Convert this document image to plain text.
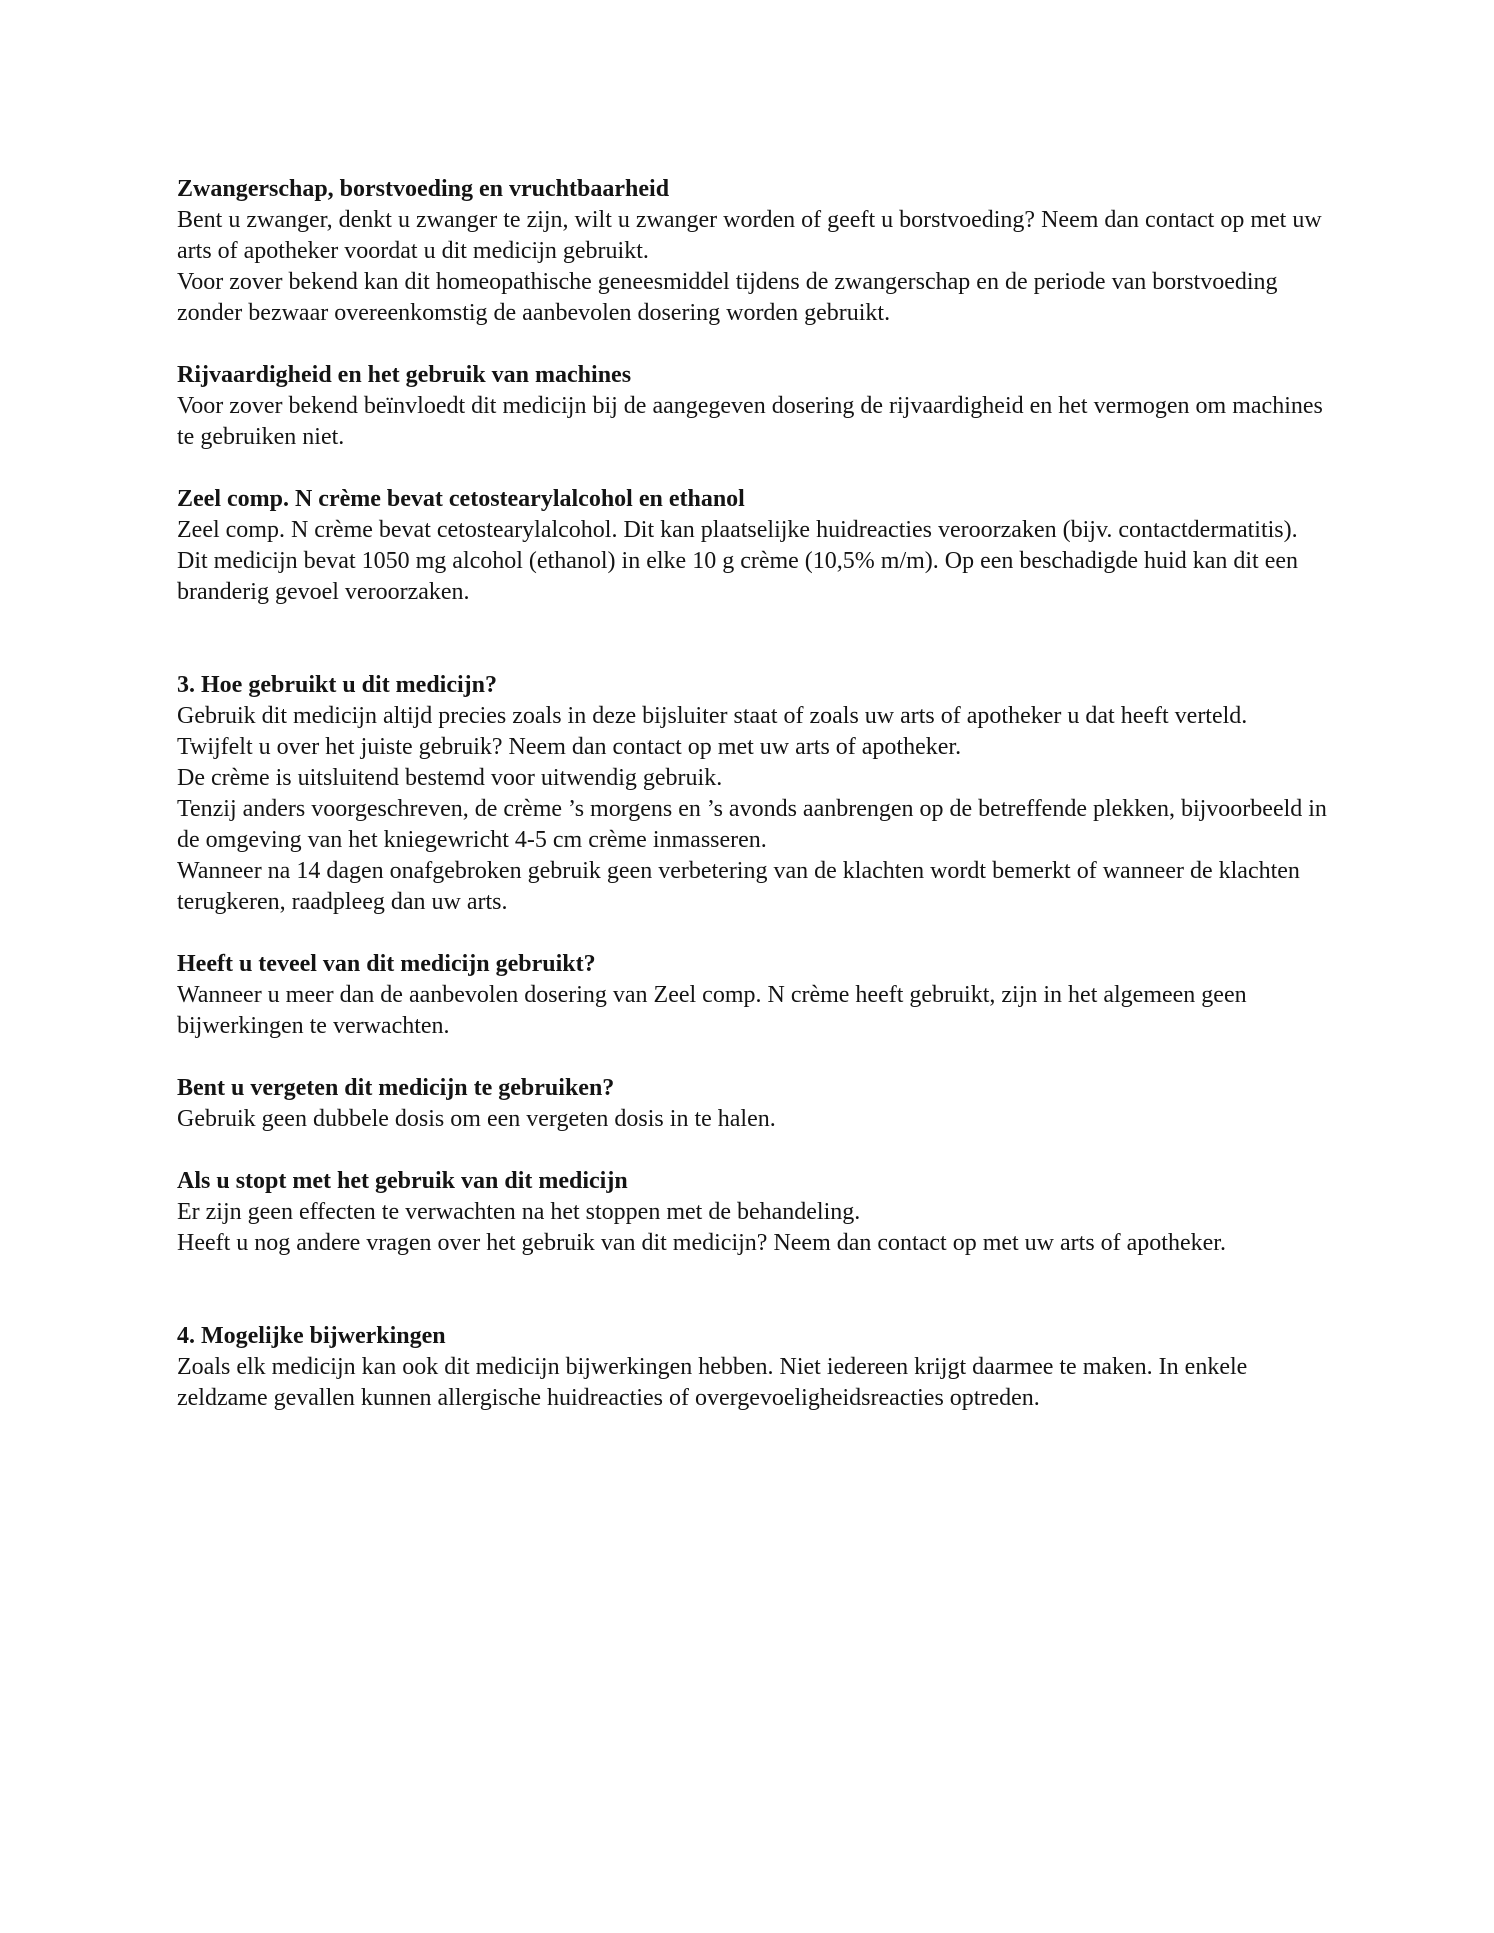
Zwangerschap, borstvoeding en vruchtbaarheid

Bent u zwanger, denkt u zwanger te zijn, wilt u zwanger worden of geeft u borstvoeding? Neem dan contact op met uw arts of apotheker voordat u dit medicijn gebruikt.

Voor zover bekend kan dit homeopathische geneesmiddel tijdens de zwangerschap en de periode van borstvoeding zonder bezwaar overeenkomstig de aanbevolen dosering worden gebruikt.

Rijvaardigheid en het gebruik van machines

Voor zover bekend beïnvloedt dit medicijn bij de aangegeven dosering de rijvaardigheid en het vermogen om machines te gebruiken niet.

Zeel comp. N crème bevat cetostearylalcohol en ethanol

Zeel comp. N crème bevat cetostearylalcohol. Dit kan plaatselijke huidreacties veroorzaken (bijv. contactdermatitis).

Dit medicijn bevat 1050 mg alcohol (ethanol) in elke 10 g crème (10,5% m/m). Op een beschadigde huid kan dit een branderig gevoel veroorzaken.

3. Hoe gebruikt u dit medicijn?

Gebruik dit medicijn altijd precies zoals in deze bijsluiter staat of zoals uw arts of apotheker u dat heeft verteld. Twijfelt u over het juiste gebruik? Neem dan contact op met uw arts of apotheker.

De crème is uitsluitend bestemd voor uitwendig gebruik.

Tenzij anders voorgeschreven, de crème ’s morgens en ’s avonds aanbrengen op de betreffende plekken, bijvoorbeeld in de omgeving van het kniegewricht 4-5 cm crème inmasseren.

Wanneer na 14 dagen onafgebroken gebruik geen verbetering van de klachten wordt bemerkt of wanneer de klachten terugkeren, raadpleeg dan uw arts.

Heeft u teveel van dit medicijn gebruikt?

Wanneer u meer dan de aanbevolen dosering van Zeel comp. N crème heeft gebruikt, zijn in het algemeen geen bijwerkingen te verwachten.

Bent u vergeten dit medicijn te gebruiken?

Gebruik geen dubbele dosis om een vergeten dosis in te halen.

Als u stopt met het gebruik van dit medicijn

Er zijn geen effecten te verwachten na het stoppen met de behandeling.

Heeft u nog andere vragen over het gebruik van dit medicijn? Neem dan contact op met uw arts of apotheker.

4. Mogelijke bijwerkingen

Zoals elk medicijn kan ook dit medicijn bijwerkingen hebben. Niet iedereen krijgt daarmee te maken. In enkele zeldzame gevallen kunnen allergische huidreacties of overgevoeligheidsreacties optreden.
